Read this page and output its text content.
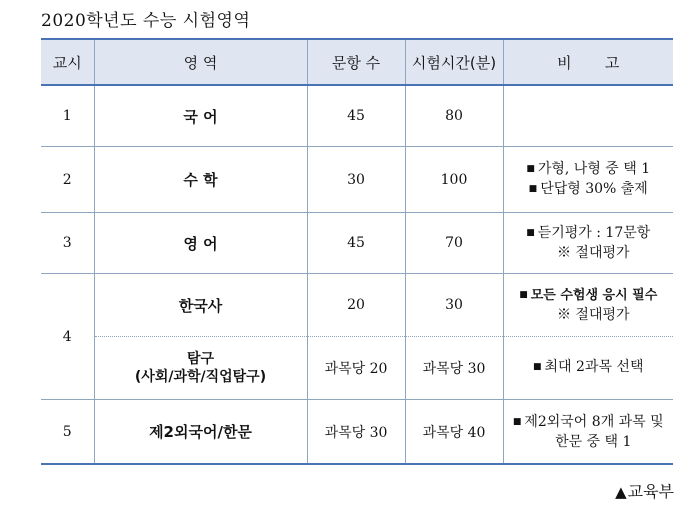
2020학년도 수능 시험영역
교시	영 역	문항 수	시험시간(분)	비       고
1	국 어	45	80	
2	수 학	30	100	■ 가형, 나형 중 택 1
■ 단답형 30% 출제

3	영 어	45	70	■ 듣기평가 : 17문항
※ 절대평가

4	한국사	20	30	■ 모든 수험생 응시 필수
※ 절대평가

	탐구
(사회/과학/직업탐구)	과목당 20	과목당 30	■ 최대 2과목 선택

5	제2외국어/한문	과목당 30	과목당 40	■ 제2외국어 8개 과목 및
한문 중 택 1
▲교육부
